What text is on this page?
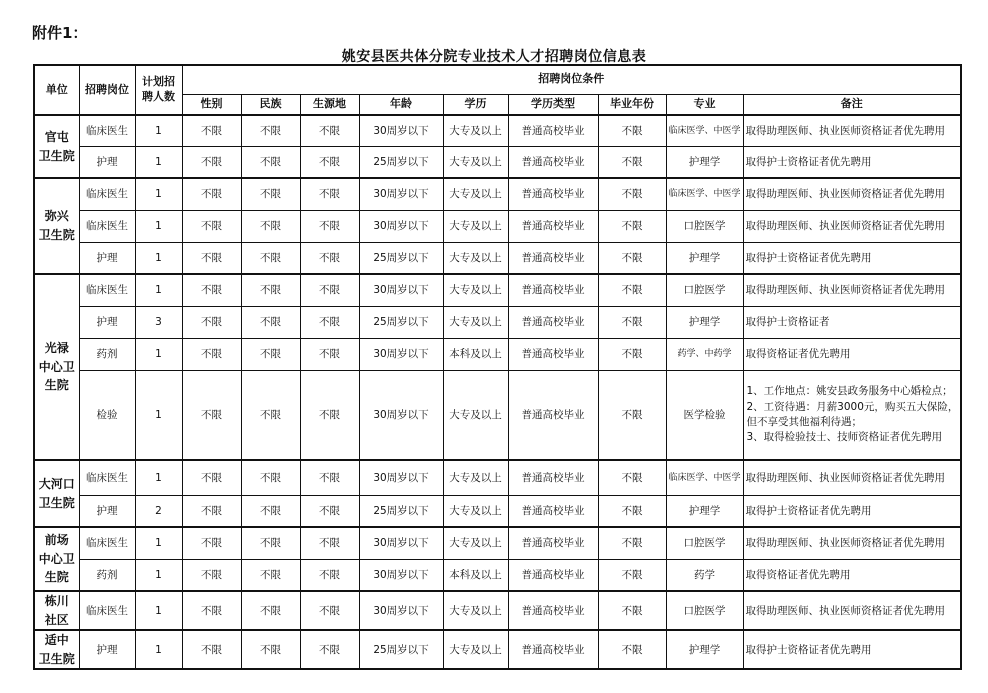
附件1：
姚安县医共体分院专业技术人才招聘岗位信息表
单位	招聘岗位	计划招
聘人数	招聘岗位条件								
			性别	民族	生源地	年龄	学历	学历类型	毕业年份	专业	备注

官屯
卫生院	临床医生	1	不限	不限	不限	30周岁以下	大专及以上	普通高校毕业	不限	临床医学、中医学	取得助理医师、执业医师资格证者优先聘用
	护理	1	不限	不限	不限	25周岁以下	大专及以上	普通高校毕业	不限	护理学	取得护士资格证者优先聘用

弥兴
卫生院	临床医生	1	不限	不限	不限	30周岁以下	大专及以上	普通高校毕业	不限	临床医学、中医学	取得助理医师、执业医师资格证者优先聘用
	临床医生	1	不限	不限	不限	30周岁以下	大专及以上	普通高校毕业	不限	口腔医学	取得助理医师、执业医师资格证者优先聘用
	护理	1	不限	不限	不限	25周岁以下	大专及以上	普通高校毕业	不限	护理学	取得护士资格证者优先聘用

光禄
中心卫
生院	临床医生	1	不限	不限	不限	30周岁以下	大专及以上	普通高校毕业	不限	口腔医学	取得助理医师、执业医师资格证者优先聘用
	护理	3	不限	不限	不限	25周岁以下	大专及以上	普通高校毕业	不限	护理学	取得护士资格证者
	药剂	1	不限	不限	不限	30周岁以下	本科及以上	普通高校毕业	不限	药学、中药学	取得资格证者优先聘用
	检验	1	不限	不限	不限	30周岁以下	大专及以上	普通高校毕业	不限	医学检验	1、工作地点：姚安县政务服务中心婚检点；
2、工资待遇：月薪3000元，购买五大保险，
但不享受其他福利待遇；
3、取得检验技士、技师资格证者优先聘用

大河口
卫生院	临床医生	1	不限	不限	不限	30周岁以下	大专及以上	普通高校毕业	不限	临床医学、中医学	取得助理医师、执业医师资格证者优先聘用
	护理	2	不限	不限	不限	25周岁以下	大专及以上	普通高校毕业	不限	护理学	取得护士资格证者优先聘用

前场
中心卫
生院	临床医生	1	不限	不限	不限	30周岁以下	大专及以上	普通高校毕业	不限	口腔医学	取得助理医师、执业医师资格证者优先聘用
	药剂	1	不限	不限	不限	30周岁以下	本科及以上	普通高校毕业	不限	药学	取得资格证者优先聘用

栋川
社区	临床医生	1	不限	不限	不限	30周岁以下	大专及以上	普通高校毕业	不限	口腔医学	取得助理医师、执业医师资格证者优先聘用

适中
卫生院	护理	1	不限	不限	不限	25周岁以下	大专及以上	普通高校毕业	不限	护理学	取得护士资格证者优先聘用
